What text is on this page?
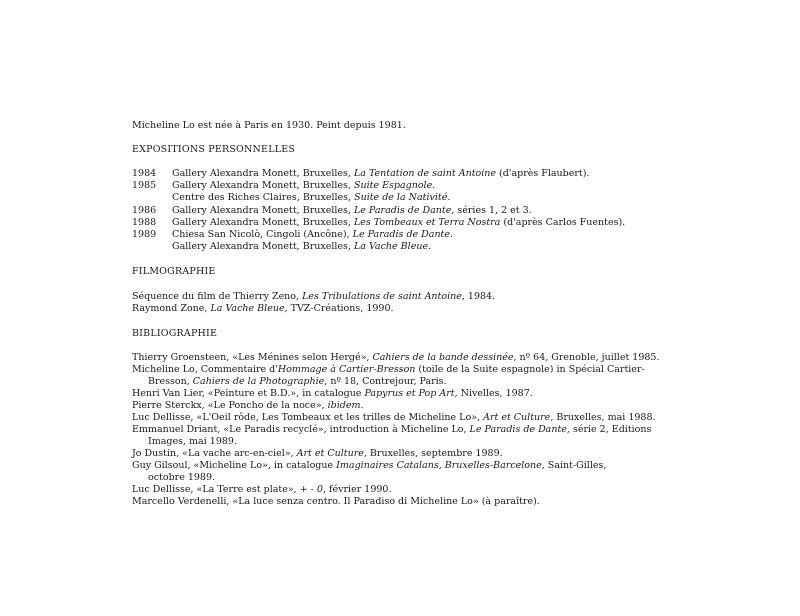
Micheline Lo est née à Paris en 1930. Peint depuis 1981.
EXPOSITIONS PERSONNELLES
1984	Gallery Alexandra Monett, Bruxelles, La Tentation de saint Antoine (d'après Flaubert).
1985	Gallery Alexandra Monett, Bruxelles, Suite Espagnole.
Centre des Riches Claires, Bruxelles, Suite de la Nativité.
1986	Gallery Alexandra Monett, Bruxelles, Le Paradis de Dante, séries 1, 2 et 3.
1988	Gallery Alexandra Monett, Bruxelles, Les Tombeaux et Terra Nostra (d'après Carlos Fuentes).
1989	Chiesa San Nicolò, Cingoli (Ancône), Le Paradis de Dante.
Gallery Alexandra Monett, Bruxelles, La Vache Bleue.
FILMOGRAPHIE
Séquence du film de Thierry Zeno, Les Tribulations de saint Antoine, 1984.
Raymond Zone, La Vache Bleue, TVZ-Créations, 1990.
BIBLIOGRAPHIE
Thierry Groensteen, «Les Ménines selon Hergé», Cahiers de la bande dessinée, nº 64, Grenoble, juillet 1985.
Micheline Lo, Commentaire d'Hommage à Cartier-Bresson (toile de la Suite espagnole) in Spécial Cartier-
Bresson, Cahiers de la Photographie, nº 18, Contrejour, Paris.
Henri Van Lier, «Peinture et B.D.», in catalogue Papyrus et Pop Art, Nivelles, 1987.
Pierre Sterckx, «Le Poncho de la noce», ibidem.
Luc Dellisse, «L'Oeil rôde, Les Tombeaux et les trilles de Micheline Lo», Art et Culture, Bruxelles, mai 1988.
Emmanuel Driant, «Le Paradis recyclé», introduction à Micheline Lo, Le Paradis de Dante, série 2, Editions
Images, mai 1989.
Jo Dustin, «La vache arc-en-ciel», Art et Culture, Bruxelles, septembre 1989.
Guy Gilsoul, «Micheline Lo», in catalogue Imaginaires Catalans, Bruxelles-Barcelone, Saint-Gilles,
octobre 1989.
Luc Dellisse, «La Terre est plate», + - 0, février 1990.
Marcello Verdenelli, «La luce senza centro. Il Paradiso di Micheline Lo» (à paraître).
